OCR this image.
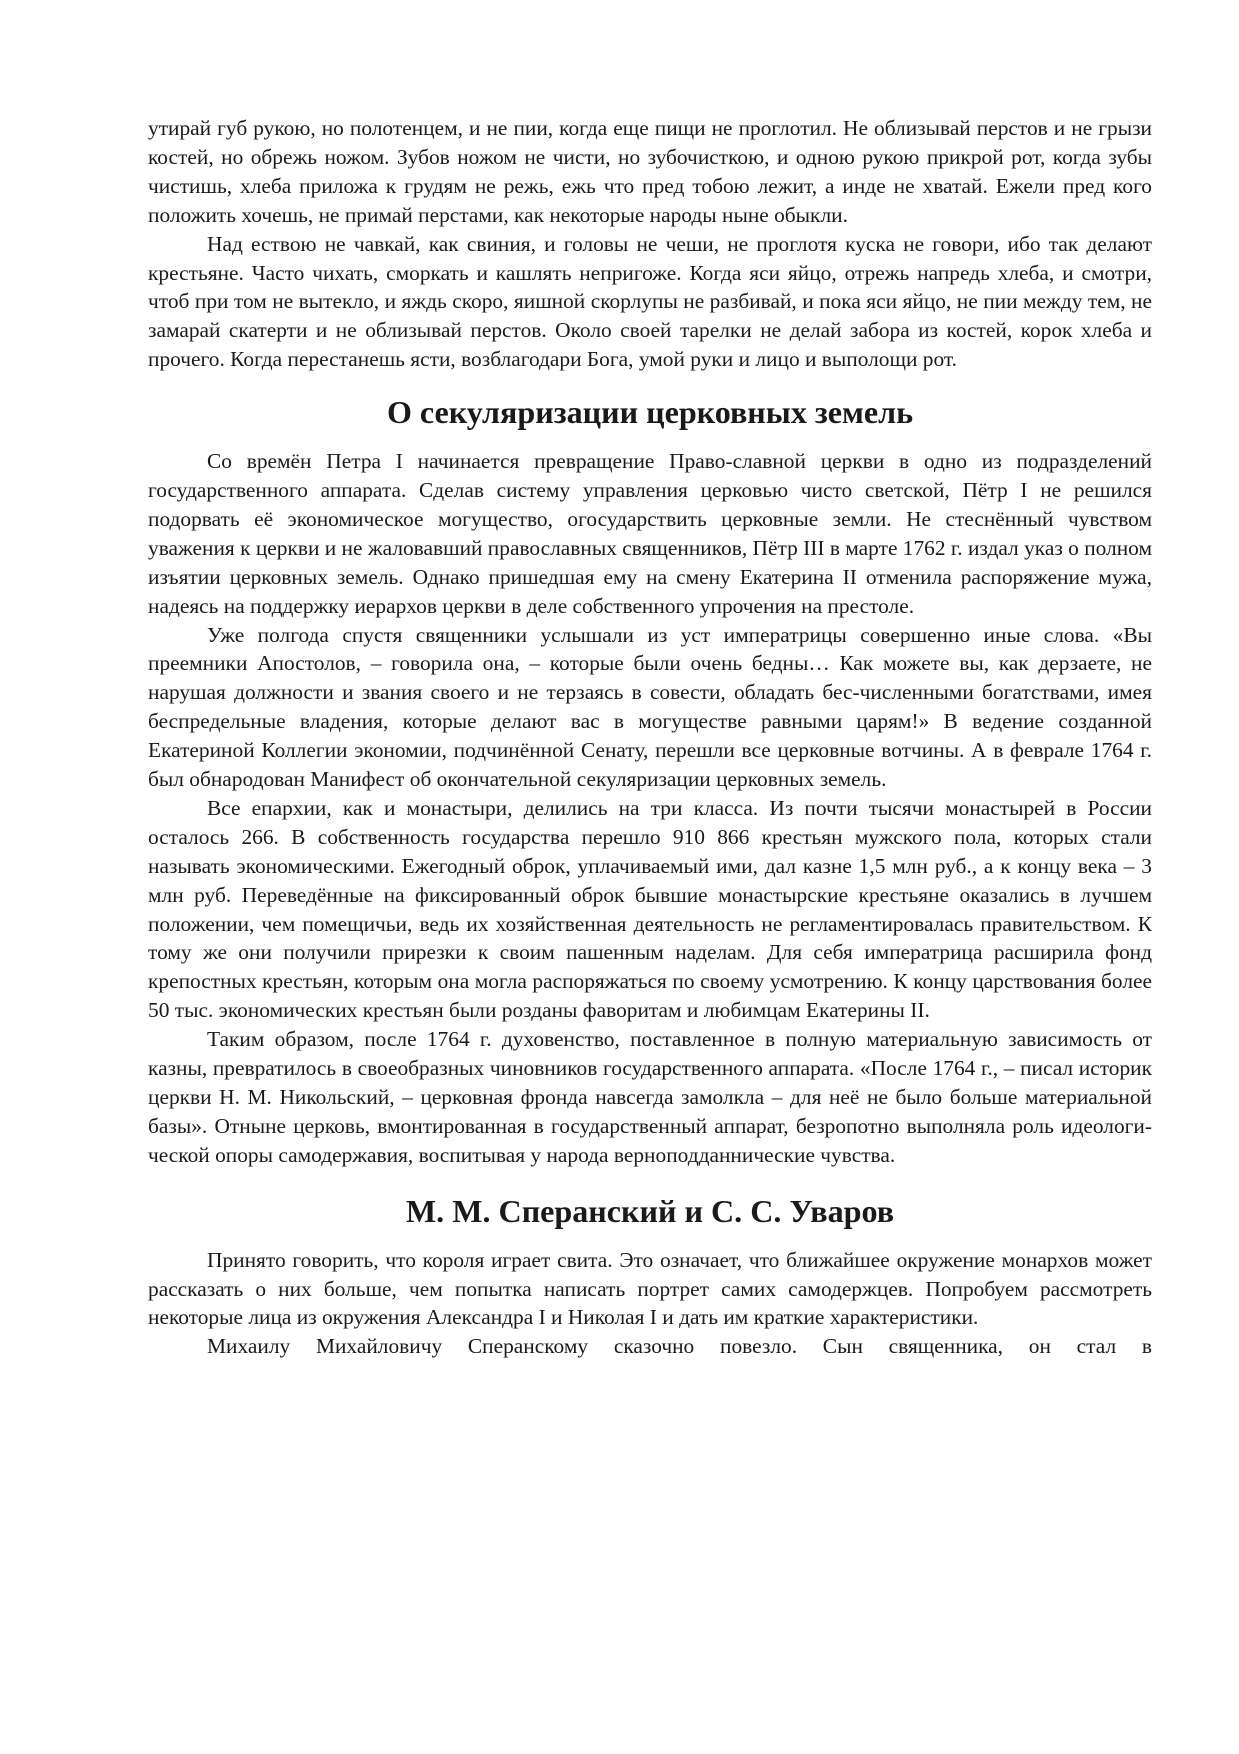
утирай губ рукою, но полотенцем, и не пии, когда еще пищи не проглотил. Не облизывай перстов и не грызи костей, но обрежь ножом. Зубов ножом не чисти, но зубочисткою, и одною рукою прикрой рот, когда зубы чистишь, хлеба приложа к грудям не режь, ежь что пред тобою лежит, а инде не хватай. Ежели пред кого положить хочешь, не примай перстами, как некоторые народы ныне обыкли.

Над ествою не чавкай, как свиния, и головы не чеши, не проглотя куска не говори, ибо так делают крестьяне. Часто чихать, сморкать и кашлять непригоже. Когда яси яйцо, отрежь напредь хлеба, и смотри, чтоб при том не вытекло, и яждь скоро, яишной скорлупы не разбивай, и пока яси яйцо, не пии между тем, не замарай скатерти и не облизывай перстов. Около своей тарелки не делай забора из костей, корок хлеба и прочего. Когда перестанешь ясти, возблагодари Бога, умой руки и лицо и выполощи рот.

О секуляризации церковных земель

Со времён Петра I начинается превращение Право-славной церкви в одно из подразделений государственного аппарата. Сделав систему управления церковью чисто светской, Пётр I не решился подорвать её экономическое могущество, огосударствить церковные земли. Не стеснённый чувством уважения к церкви и не жаловавший православных священников, Пётр III в марте 1762 г. издал указ о полном изъятии церковных земель. Однако пришедшая ему на смену Екатерина II отменила распоряжение мужа, надеясь на поддержку иерархов церкви в деле собственного упрочения на престоле.

Уже полгода спустя священники услышали из уст императрицы совершенно иные слова. «Вы преемники Апостолов, – говорила она, – которые были очень бедны… Как можете вы, как дерзаете, не нарушая должности и звания своего и не терзаясь в совести, обладать бес-численными богатствами, имея беспредельные владения, которые делают вас в могуществе равными царям!» В ведение созданной Екатериной Коллегии экономии, подчинённой Сенату, перешли все церковные вотчины. А в феврале 1764 г. был обнародован Манифест об окончательной секуляризации церковных земель.

Все епархии, как и монастыри, делились на три класса. Из почти тысячи монастырей в России осталось 266. В собственность государства перешло 910 866 крестьян мужского пола, которых стали называть экономическими. Ежегодный оброк, уплачиваемый ими, дал казне 1,5 млн руб., а к концу века – 3 млн руб. Переведённые на фиксированный оброк бывшие монастырские крестьяне оказались в лучшем положении, чем помещичьи, ведь их хозяйственная деятельность не регламентировалась правительством. К тому же они получили прирезки к своим пашенным наделам. Для себя императрица расширила фонд крепостных крестьян, которым она могла распоряжаться по своему усмотрению. К концу царствования более 50 тыс. экономических крестьян были розданы фаворитам и любимцам Екатерины II.

Таким образом, после 1764 г. духовенство, поставленное в полную материальную зависимость от казны, превратилось в своеобразных чиновников государственного аппарата. «После 1764 г., – писал историк церкви Н. М. Никольский, – церковная фронда навсегда замолкла – для неё не было больше материальной базы». Отныне церковь, вмонтированная в государственный аппарат, безропотно выполняла роль идеологи-ческой опоры самодержавия, воспитывая у народа верноподданнические чувства.

М. М. Сперанский и С. С. Уваров

Принято говорить, что короля играет свита. Это означает, что ближайшее окружение монархов может рассказать о них больше, чем попытка написать портрет самих самодержцев. Попробуем рассмотреть некоторые лица из окружения Александра I и Николая I и дать им краткие характеристики.

Михаилу Михайловичу Сперанскому сказочно повезло. Сын священника, он стал в
